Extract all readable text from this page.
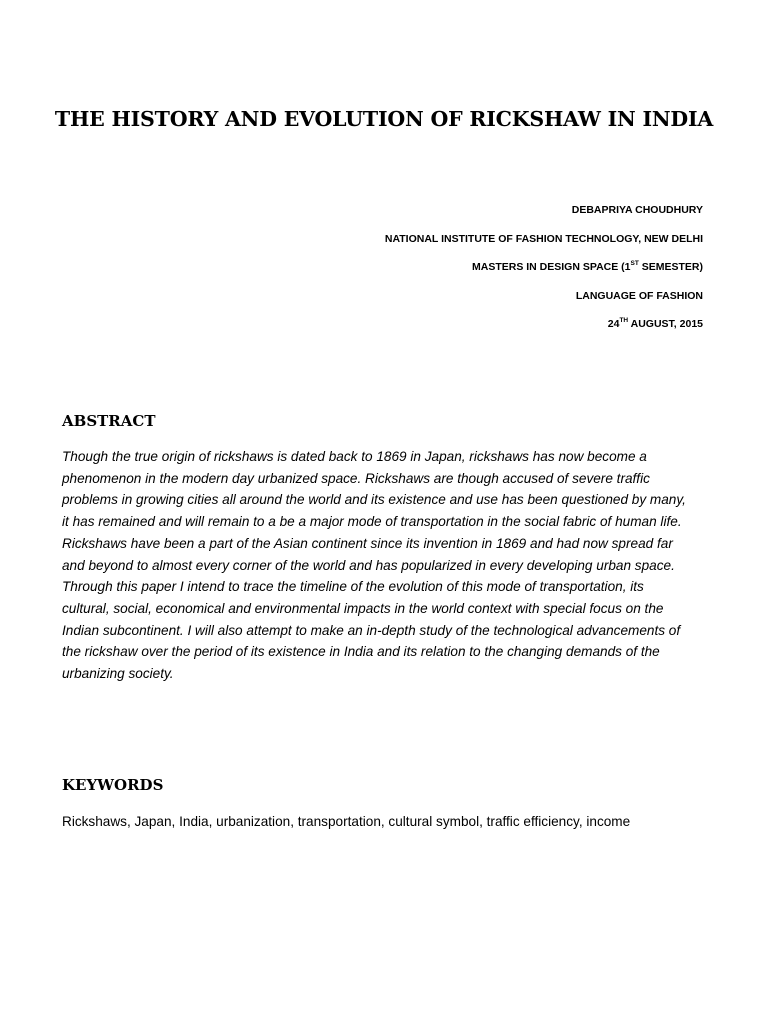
THE HISTORY AND EVOLUTION OF RICKSHAW IN INDIA
DEBAPRIYA CHOUDHURY
NATIONAL INSTITUTE OF FASHION TECHNOLOGY, NEW DELHI
MASTERS IN DESIGN SPACE (1ST SEMESTER)
LANGUAGE OF FASHION
24TH AUGUST, 2015
ABSTRACT
Though the true origin of rickshaws is dated back to 1869 in Japan, rickshaws has now become a
phenomenon in the modern day urbanized space. Rickshaws are though accused of severe traffic
problems in growing cities all around the world and its existence and use has been questioned by many,
it has remained and will remain to a be a major mode of transportation in the social fabric of human life.
Rickshaws have been a part of the Asian continent since its invention in 1869 and had now spread far
and beyond to almost every corner of the world and has popularized in every developing urban space.
Through this paper I intend to trace the timeline of the evolution of this mode of transportation, its
cultural, social, economical and environmental impacts in the world context with special focus on the
Indian subcontinent. I will also attempt to make an in-depth study of the technological advancements of
the rickshaw over the period of its existence in India and its relation to the changing demands of the
urbanizing society.
KEYWORDS
Rickshaws, Japan, India, urbanization, transportation, cultural symbol, traffic efficiency, income
